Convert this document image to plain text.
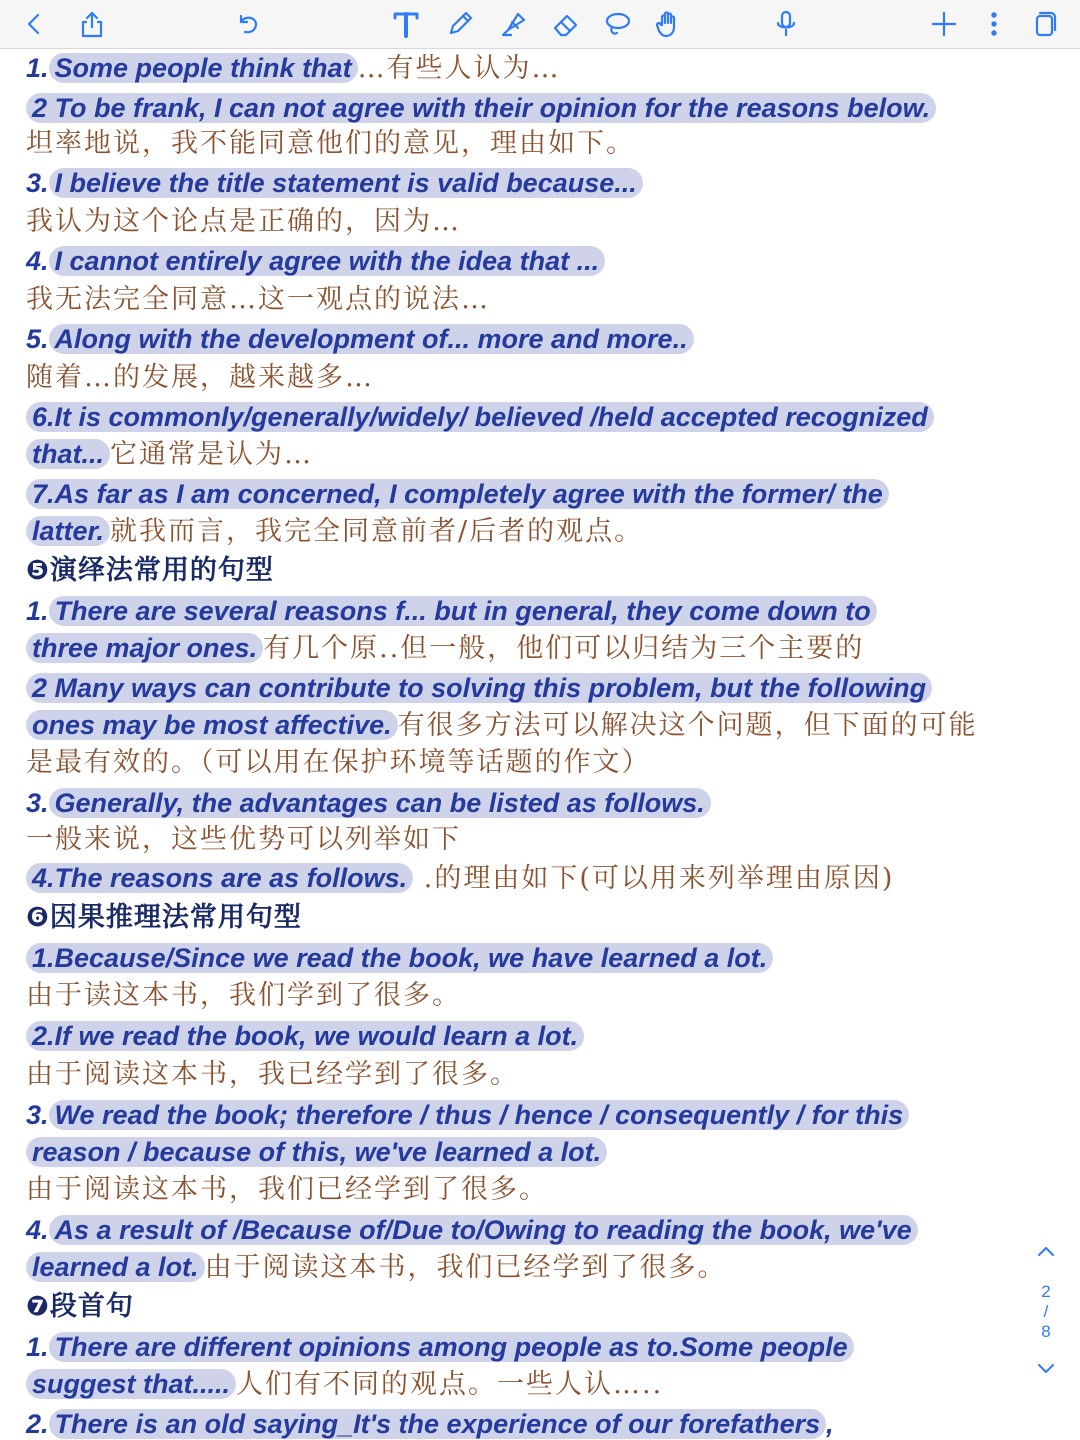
1. Some people think that …有些人认为…
2 To be frank, I can not agree with their opinion for the reasons below.
坦率地说，我不能同意他们的意见，理由如下。
3. I believe the title statement is valid because...
我认为这个论点是正确的，因为…
4. I cannot entirely agree with the idea that ...
我无法完全同意…这一观点的说法…
5. Along with the development of... more and more..
随着…的发展，越来越多…
6.It is commonly/generally/widely/ believed /held accepted recognized
that... 它通常是认为…
7.As far as I am concerned, I completely agree with the former/ the
latter. 就我而言，我完全同意前者/后者的观点。
❺演绎法常用的句型
1. There are several reasons f... but in general, they come down to
three major ones. 有几个原..但一般，他们可以归结为三个主要的
2 Many ways can contribute to solving this problem, but the following
ones may be most affective. 有很多方法可以解决这个问题，但下面的可能
是最有效的。（可以用在保护环境等话题的作文）
3. Generally, the advantages can be listed as follows.
一般来说，这些优势可以列举如下
4.The reasons are as follows. .的理由如下(可以用来列举理由原因)
❻因果推理法常用句型
1.Because/Since we read the book, we have learned a lot.
由于读这本书，我们学到了很多。
2.If we read the book, we would learn a lot.
由于阅读这本书，我已经学到了很多。
3. We read the book; therefore / thus / hence / consequently / for this
reason / because of this, we've learned a lot.
由于阅读这本书，我们已经学到了很多。
4. As a result of /Because of/Due to/Owing to reading the book, we've
learned a lot. 由于阅读这本书，我们已经学到了很多。
❼段首句
1. There are different opinions among people as to.Some people
suggest that..... 人们有不同的观点。一些人认…..
2. There is an old saying_It's the experience of our forefathers ,
2
/
8
